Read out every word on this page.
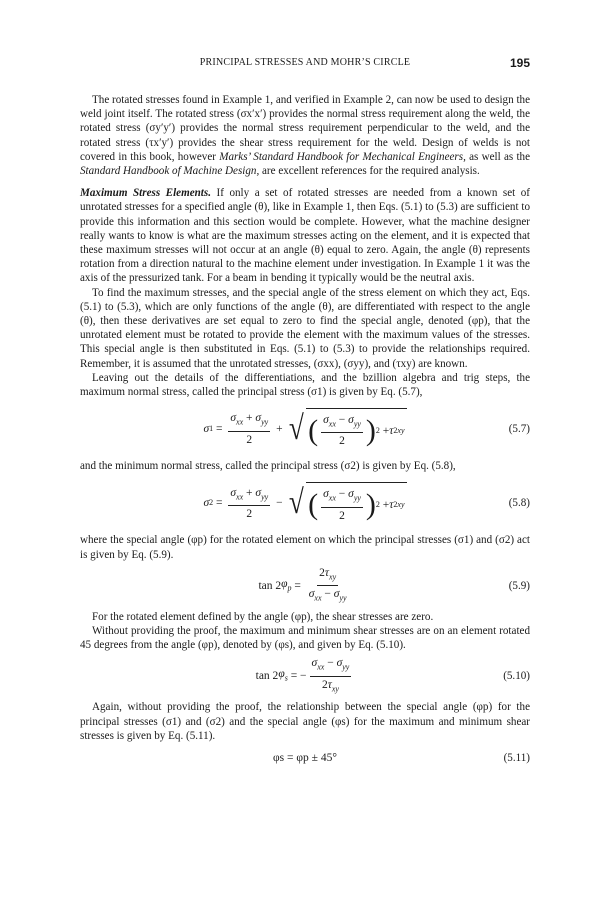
PRINCIPAL STRESSES AND MOHR’S CIRCLE	195

The rotated stresses found in Example 1, and verified in Example 2, can now be used to design the weld joint itself. The rotated stress (σx′x′) provides the normal stress requirement along the weld, the rotated stress (σy′y′) provides the normal stress requirement perpendicular to the weld, and the rotated stress (τx′y′) provides the shear stress requirement for the weld. Design of welds is not covered in this book, however Marks’ Standard Handbook for Mechanical Engineers, as well as the Standard Handbook of Machine Design, are excellent references for the required analysis.

Maximum Stress Elements. If only a set of rotated stresses are needed from a known set of unrotated stresses for a specified angle (θ), like in Example 1, then Eqs. (5.1) to (5.3) are sufficient to provide this information and this section would be complete. However, what the machine designer really wants to know is what are the maximum stresses acting on the element, and it is expected that these maximum stresses will not occur at an angle (θ) equal to zero. Again, the angle (θ) represents rotation from a direction natural to the machine element under investigation. In Example 1 it was the axis of the pressurized tank. For a beam in bending it typically would be the neutral axis.

To find the maximum stresses, and the special angle of the stress element on which they act, Eqs. (5.1) to (5.3), which are only functions of the angle (θ), are differentiated with respect to the angle (θ), then these derivatives are set equal to zero to find the special angle, denoted (φp), that the unrotated element must be rotated to provide the element with the maximum values of the stresses. This special angle is then substituted in Eqs. (5.1) to (5.3) to provide the relationships required. Remember, it is assumed that the unrotated stresses, (σxx), (σyy), and (τxy) are known.

Leaving out the details of the differentiations, and the bzillion algebra and trig steps, the maximum normal stress, called the principal stress (σ1) is given by Eq. (5.7),

σ $1 = \frac{\sigma_{xx} + \sigma_{yy}}{2}$ + √ ( $\frac{\sigma_{xx} - \sigma_{yy}}{2}$ ) 2 + τ 2 xy	(5.7)

and the minimum normal stress, called the principal stress (σ2) is given by Eq. (5.8),

σ $2 = \frac{\sigma_{xx} + \sigma_{yy}}{2}$ − √ ( $\frac{\sigma_{xx} - \sigma_{yy}}{2}$ ) 2 + τ 2 xy	(5.8)

where the special angle (φp) for the rotated element on which the principal stresses (σ1) and (σ2) act is given by Eq. (5.9).

tan 2 $\varphi_p = \frac{2\tau_{xy}}{\sigma_{xx} - \sigma_{yy}}$	(5.9)

For the rotated element defined by the angle (φp), the shear stresses are zero.

Without providing the proof, the maximum and minimum shear stresses are on an element rotated 45 degrees from the angle (φp), denoted by (φs), and given by Eq. (5.10).

tan 2 $\varphi_s$ = − $\frac{\sigma_{xx} - \sigma_{yy}}{2\tau_{xy}}$	(5.10)

Again, without providing the proof, the relationship between the special angle (φp) for the principal stresses (σ1) and (σ2) and the special angle (φs) for the maximum and minimum shear stresses is given by Eq. (5.11).

φs = φp ± 45°	(5.11)
